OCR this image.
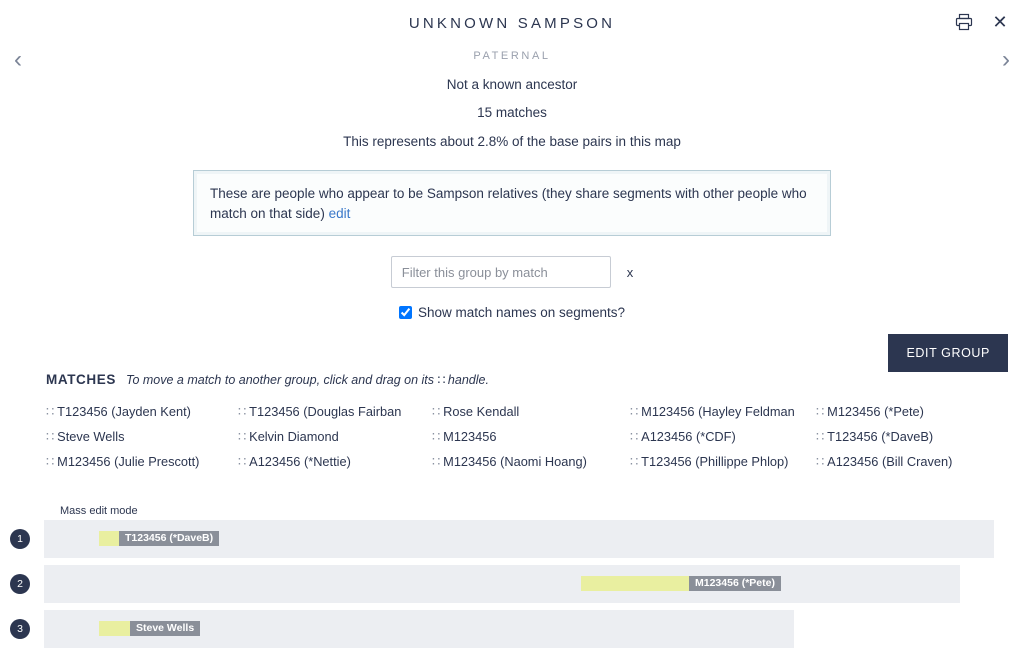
✕
‹	›
UNKNOWN SAMPSON
PATERNAL
Not a known ancestor
15 matches
This represents about 2.8% of the base pairs in this map
These are people who appear to be Sampson relatives (they share segments with other people who match on that side) edit
Filter this group by match
x
Show match names on segments?
EDIT GROUP
MATCHES To move a match to another group, click and drag on its ∷ handle.
∷ T123456 (Jayden Kent)	∷ T123456 (Douglas Fairban	∷ Rose Kendall	∷ M123456 (Hayley Feldman	∷ M123456 (*Pete)
∷ Steve Wells	∷ Kelvin Diamond	∷ M123456	∷ A123456 (*CDF)	∷ T123456 (*DaveB)
∷ M123456 (Julie Prescott)	∷ A123456 (*Nettie)	∷ M123456 (Naomi Hoang)	∷ T123456 (Phillippe Phlop)	∷ A123456 (Bill Craven)
Mass edit mode
1	T123456 (*DaveB)
2	M123456 (*Pete)
3	Steve Wells
